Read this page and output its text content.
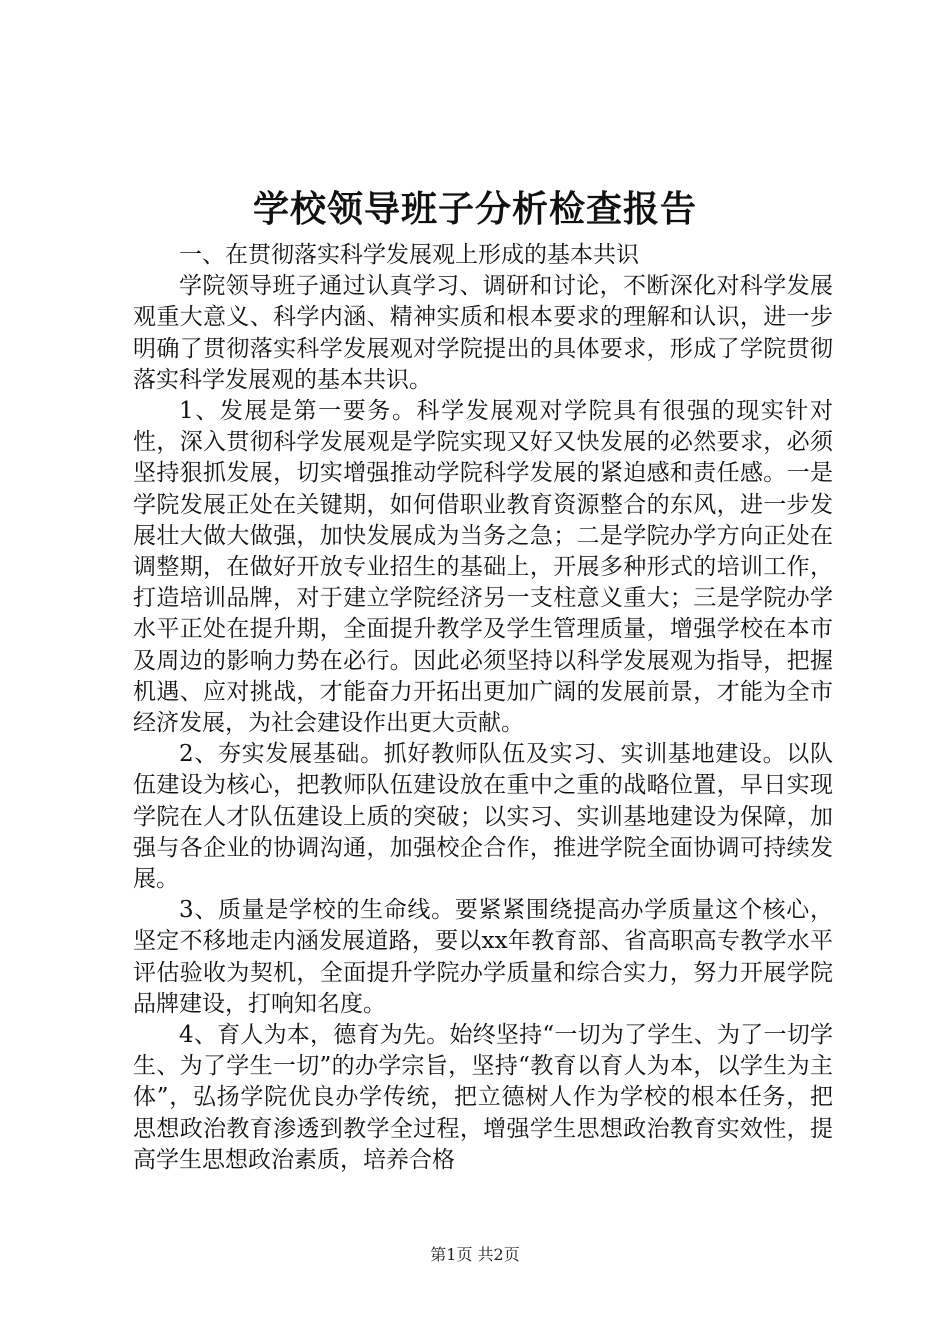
学校领导班子分析检查报告

一、在贯彻落实科学发展观上形成的基本共识

学院领导班子通过认真学习、调研和讨论，不断深化对科学发展观重大意义、科学内涵、精神实质和根本要求的理解和认识，进一步明确了贯彻落实科学发展观对学院提出的具体要求，形成了学院贯彻落实科学发展观的基本共识。

1、发展是第一要务。科学发展观对学院具有很强的现实针对性，深入贯彻科学发展观是学院实现又好又快发展的必然要求，必须坚持狠抓发展，切实增强推动学院科学发展的紧迫感和责任感。一是学院发展正处在关键期，如何借职业教育资源整合的东风，进一步发展壮大做大做强，加快发展成为当务之急；二是学院办学方向正处在调整期，在做好开放专业招生的基础上，开展多种形式的培训工作，打造培训品牌，对于建立学院经济另一支柱意义重大；三是学院办学水平正处在提升期，全面提升教学及学生管理质量，增强学校在本市及周边的影响力势在必行。因此必须坚持以科学发展观为指导，把握机遇、应对挑战，才能奋力开拓出更加广阔的发展前景，才能为全市经济发展，为社会建设作出更大贡献。

2、夯实发展基础。抓好教师队伍及实习、实训基地建设。以队伍建设为核心，把教师队伍建设放在重中之重的战略位置，早日实现学院在人才队伍建设上质的突破；以实习、实训基地建设为保障，加强与各企业的协调沟通，加强校企合作，推进学院全面协调可持续发展。

3、质量是学校的生命线。要紧紧围绕提高办学质量这个核心，坚定不移地走内涵发展道路，要以xx年教育部、省高职高专教学水平评估验收为契机，全面提升学院办学质量和综合实力，努力开展学院品牌建设，打响知名度。

4、育人为本，德育为先。始终坚持“一切为了学生、为了一切学生、为了学生一切”的办学宗旨，坚持“教育以育人为本，以学生为主体”，弘扬学院优良办学传统，把立德树人作为学校的根本任务，把思想政治教育渗透到教学全过程，增强学生思想政治教育实效性，提高学生思想政治素质，培养合格

第1页 共2页
